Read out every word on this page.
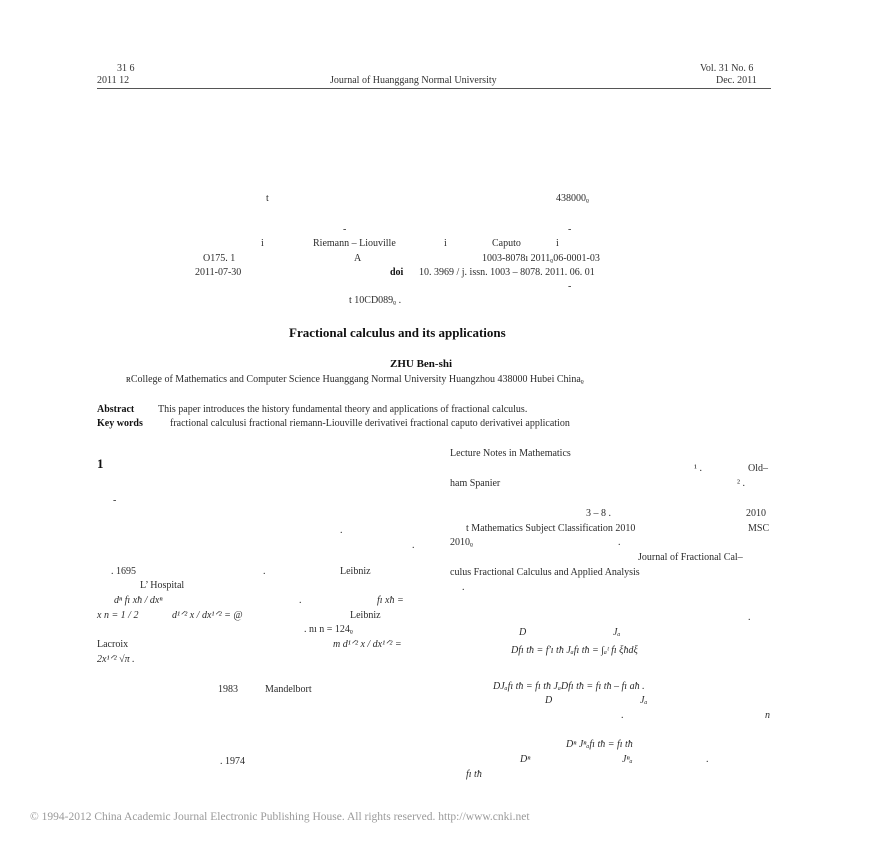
31 6
2011 12	Journal of Huanggang Normal University
Vol. 31 No. 6
Dec. 2011
t	438000ᵨ
-	-
i	Riemann – Liouville	i	Caputo	i
O175. 1	A	1003-8078ı 2011ᵨ06-0001-03
2011-07-30	doi 10. 3969 / j. issn. 1003 – 8078. 2011. 06. 01
-
t 10CD089ᵨ .
Fractional calculus and its applications
ZHU Ben-shi
ʀCollege of Mathematics and Computer Science Huanggang Normal University Huangzhou 438000 Hubei Chinaᵨ
Abstract This paper introduces the history fundamental theory and applications of fractional calculus.
Key words	fractional calculusi fractional riemann-Liouville derivativei fractional caputo derivativei application
1
-
.
.
. 1695	.	Leibniz
L’ Hospital
dⁿ fı xħ / dxⁿ	.	fı xħ =
x n = 1 / 2	d¹ᐟ² x / dx¹ᐟ² = @	Leibniz
. nı n = 124ᵨ
Lacroix	m d¹ᐟ² x / dx¹ᐟ² =
2x¹ᐟ² √π .
1983	Mandelbort
. 1974
Lecture Notes in Mathematics
¹ .	Old–
ham Spanier	² .
3 – 8 .	2010
t Mathematics Subject Classification 2010	MSC
2010ᵨ	.
Journal of Fractional Cal–
culus Fractional Calculus and Applied Analysis
.
.
D	Jₐ
Dfı tħ = f′ı tħ Jₐfı tħ = ∫ₐᵗ fı ξħdξ
DJₐfı tħ = fı tħ JₐDfı tħ = fı tħ – fı aħ .
D	Jₐ
.	n
Dⁿ Jⁿₐfı tħ = fı tħ
Dⁿ	Jⁿₐ	.
fı tħ
© 1994-2012 China Academic Journal Electronic Publishing House. All rights reserved. http://www.cnki.net
